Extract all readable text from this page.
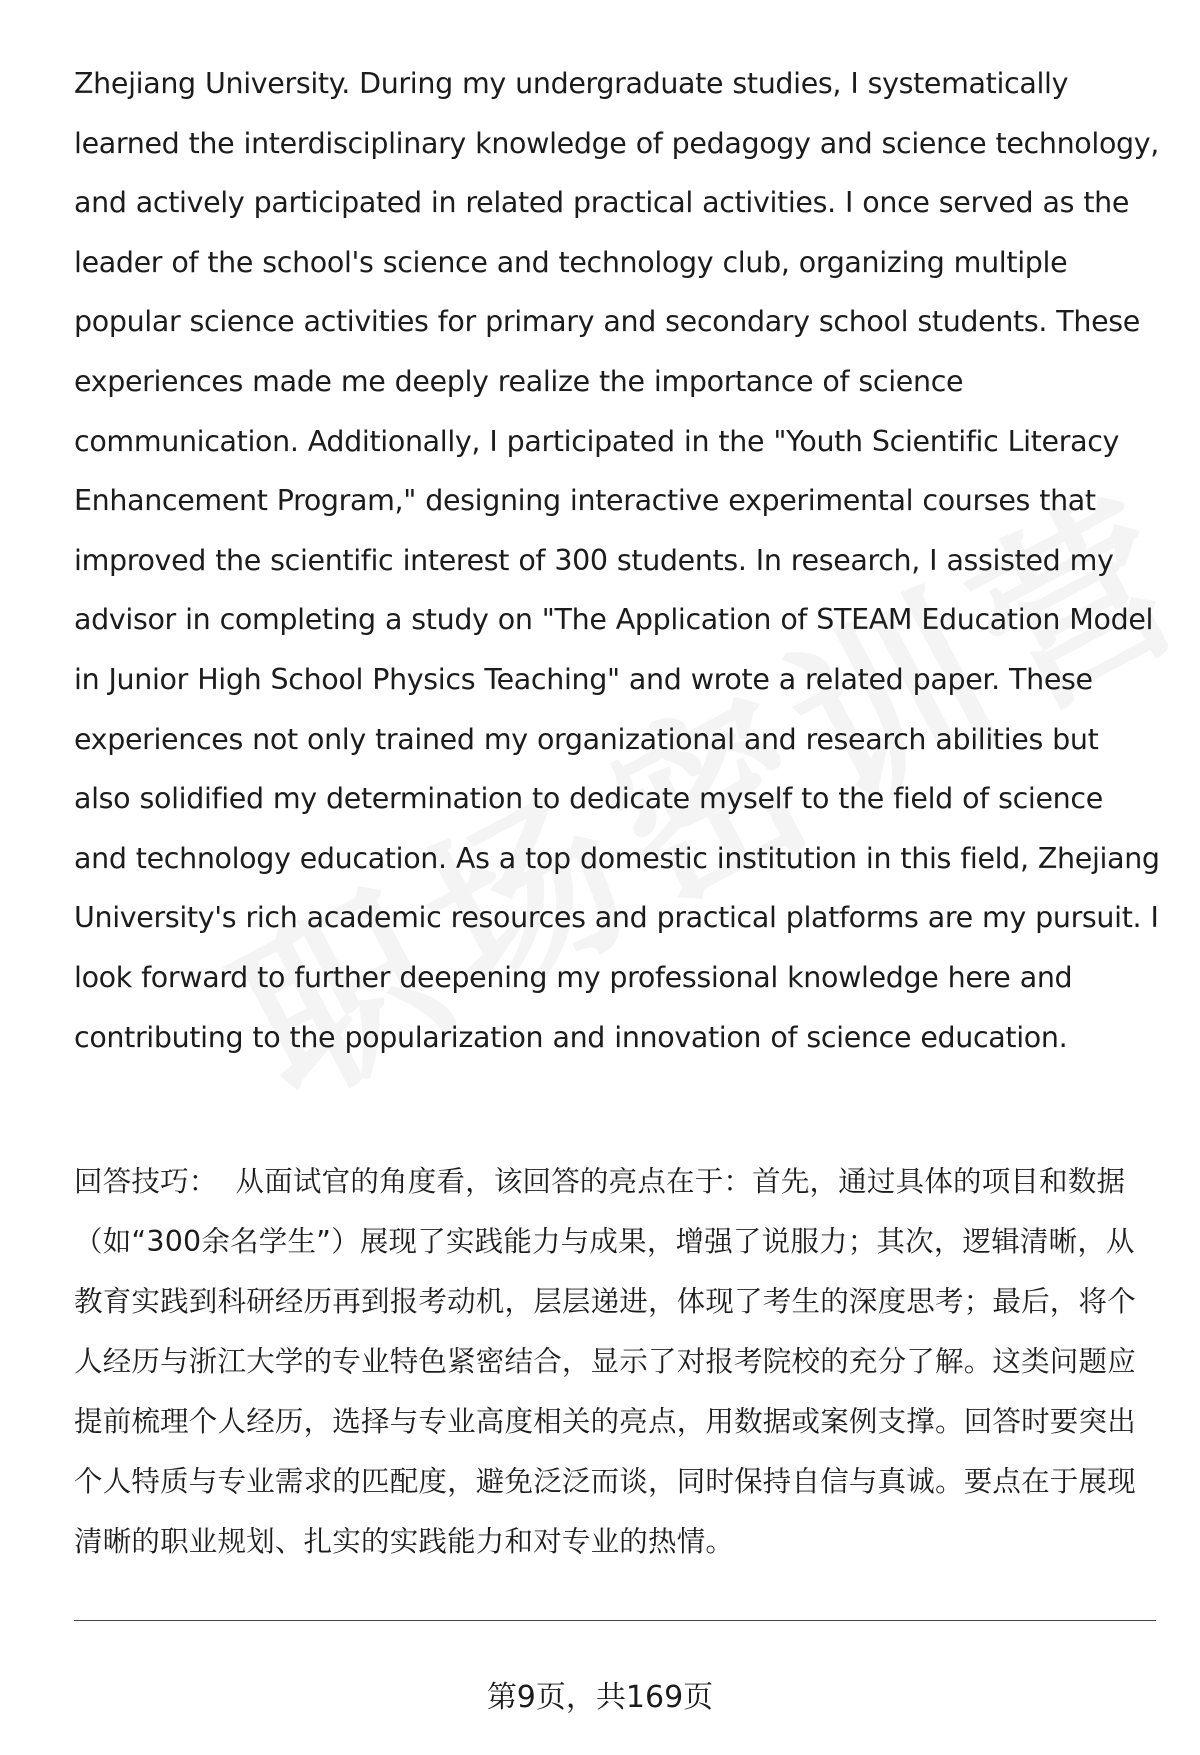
Zhejiang University. During my undergraduate studies, I systematically learned the interdisciplinary knowledge of pedagogy and science technology, and actively participated in related practical activities. I once served as the leader of the school's science and technology club, organizing multiple popular science activities for primary and secondary school students. These experiences made me deeply realize the importance of science communication. Additionally, I participated in the "Youth Scientific Literacy Enhancement Program," designing interactive experimental courses that improved the scientific interest of 300 students. In research, I assisted my advisor in completing a study on "The Application of STEAM Education Model in Junior High School Physics Teaching" and wrote a related paper. These experiences not only trained my organizational and research abilities but also solidified my determination to dedicate myself to the field of science and technology education. As a top domestic institution in this field, Zhejiang University's rich academic resources and practical platforms are my pursuit. I look forward to further deepening my professional knowledge here and contributing to the popularization and innovation of science education.

回答技巧： 从面试官的角度看，该回答的亮点在于：首先，通过具体的项目和数据（如“300余名学生”）展现了实践能力与成果，增强了说服力；其次，逻辑清晰，从教育实践到科研经历再到报考动机，层层递进，体现了考生的深度思考；最后，将个人经历与浙江大学的专业特色紧密结合，显示了对报考院校的充分了解。这类问题应提前梳理个人经历，选择与专业高度相关的亮点，用数据或案例支撑。回答时要突出个人特质与专业需求的匹配度，避免泛泛而谈，同时保持自信与真诚。要点在于展现清晰的职业规划、扎实的实践能力和对专业的热情。

第9页，共169页
